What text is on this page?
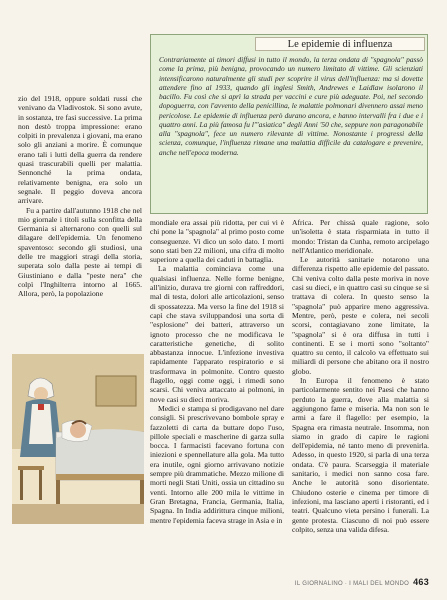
Le epidemie di influenza
Contrariamente ai timori diffusi in tutto il mondo, la terza ondata di "spagnola" passò come la prima, più benigna, provocando un numero limitato di vittime. Gli scienziati intensificarono naturalmente gli studi per scoprire il virus dell'influenza: ma si dovette attendere fino al 1933, quando gli inglesi Smith, Andrewes e Laidlaw isolarono il bacillo. Fu così che si aprì la strada per vaccini e cure più adeguate. Poi, nel secondo dopoguerra, con l'avvento della penicillina, le malattie polmonari divennero assai meno pericolose. Le epidemie di influenza però durano ancora, e hanno intervalli fra i due e i quattro anni. La più famosa fu l'"asiatica" degli Anni '50 che, seppure non paragonabile alla "spagnola", fece un numero rilevante di vittime. Nonostante i progressi della scienza, comunque, l'influenza rimane una malattia difficile da catalogare e prevenire, anche nell'epoca moderna.

zio del 1918, oppure soldati russi che venivano da Vladivostok. Si sono avute, in sostanza, tre fasi successive. La prima non destò troppa impressione: erano colpiti in prevalenza i giovani, ma erano solo gli anziani a morire. È comunque erano tali i lutti della guerra da rendere quasi trascurabili quelli per malattia. Sennonché la prima ondata, relativamente benigna, era solo un segnale. Il peggio doveva ancora arrivare.

Fu a partire dall'autunno 1918 che nel mio giornale i titoli sulla sconfitta della Germania si alternarono con quelli sul dilagare dell'epidemia. Un fenomeno spaventoso: secondo gli studiosi, una delle tre maggiori stragi della storia, superata solo dalla peste ai tempi di Giustiniano e dalla "peste nera" che colpì l'Inghilterra intorno al 1665. Allora, però, la popolazione

mondiale era assai più ridotta, per cui vi è chi pone la "spagnola" al primo posto come conseguenze. Vi dico un solo dato. I morti sono stati ben 22 milioni, una cifra di molto superiore a quella dei caduti in battaglia.

La malattia cominciava come una qualsiasi influenza. Nelle forme benigne, all'inizio, durava tre giorni con raffreddori, mal di testa, dolori alle articolazioni, senso di spossatezza. Ma verso la fine del 1918 si capì che stava sviluppandosi una sorta di "esplosione" dei batteri, attraverso un ignoto processo che ne modificava le caratteristiche genetiche, di solito abbastanza innocue. L'infezione investiva rapidamente l'apparato respiratorio e si trasformava in polmonite. Contro questo flagello, oggi come oggi, i rimedi sono scarsi. Chi veniva attaccato ai polmoni, in nove casi su dieci moriva.

Medici e stampa si prodigavano nel dare consigli. Si prescrivevano bombole spray e fazzoletti di carta da buttare dopo l'uso, pillole speciali e mascherine di garza sulla bocca. I farmacisti facevano fortuna con iniezioni e spennellature alla gola. Ma tutto era inutile, ogni giorno arrivavano notizie sempre più drammatiche. Mezzo milione di morti negli Stati Uniti, ossia un cittadino su venti. Intorno alle 200 mila le vittime in Gran Bretagna, Francia, Germania, Italia, Spagna. In India addirittura cinque milioni, mentre l'epidemia faceva strage in Asia e in

Africa. Per chissà quale ragione, solo un'isoletta è stata risparmiata in tutto il mondo: Tristan da Cunha, remoto arcipelago nell'Atlantico meridionale.

Le autorità sanitarie notarono una differenza rispetto alle epidemie del passato. Chi veniva colto dalla peste moriva in nove casi su dieci, e in quattro casi su cinque se si trattava di colera. In questo senso la "spagnola" può apparire meno aggressiva. Mentre, però, peste e colera, nei secoli scorsi, contagiavano zone limitate, la "spagnola" si è ora diffusa in tutti i continenti. E se i morti sono "soltanto" quattro su cento, il calcolo va effettuato sui miliardi di persone che abitano ora il nostro globo.

In Europa il fenomeno è stato particolarmente sentito nei Paesi che hanno perduto la guerra, dove alla malattia si aggiungono fame e miseria. Ma non son le armi a fare il flagello: per esempio, la Spagna era rimasta neutrale. Insomma, non siamo in grado di capire le ragioni dell'epidemia, né tanto meno di prevenirla. Adesso, in questo 1920, si parla di una terza ondata. C'è paura. Scarseggia il materiale sanitario, i medici non sanno cosa fare. Anche le autorità sono disorientate. Chiudono osterie e cinema per timore di infezioni, ma lasciano aperti i ristoranti, ed i teatri. Qualcuno vieta persino i funerali. La gente protesta. Ciascuno di noi può essere colpito, senza una valida difesa.

IL GIORNALINO · I MALI DEL MONDO 463
